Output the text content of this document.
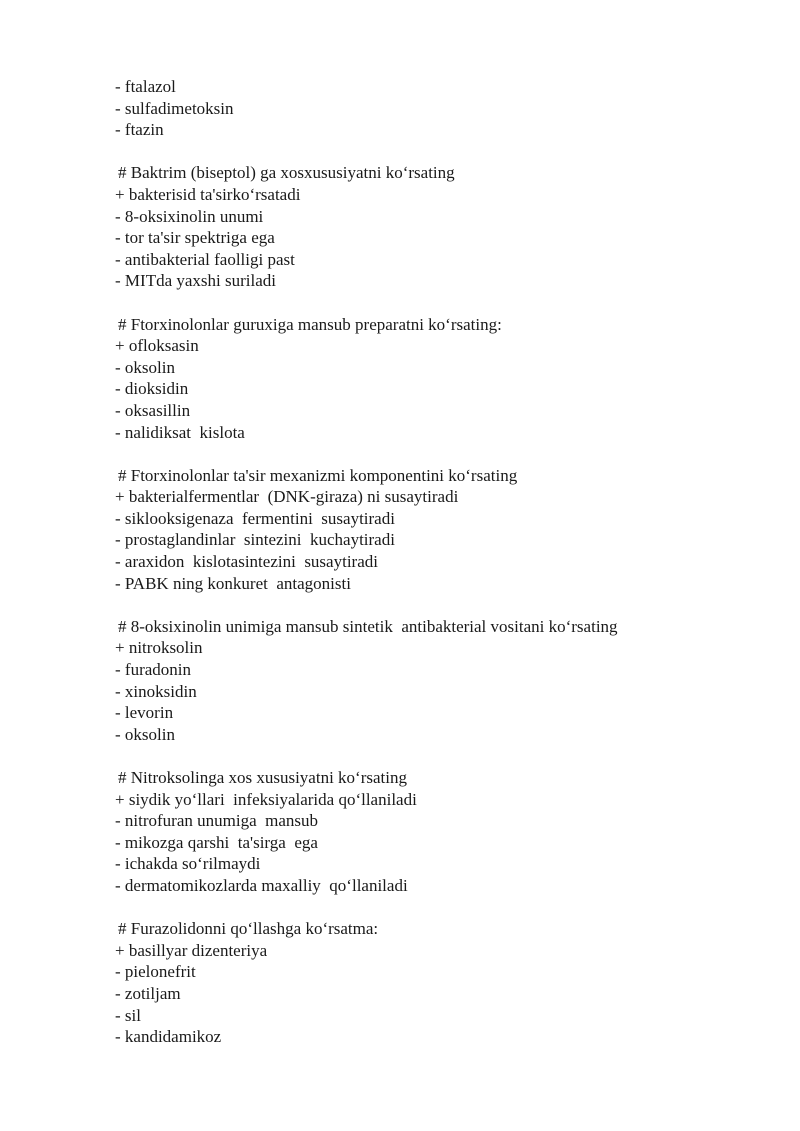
- ftalazol
- sulfadimetoksin
- ftazin
# Baktrim (biseptol) ga xosxususiyatni ko‘rsating
+ bakterisid ta'sirko‘rsatadi
- 8-oksixinolin unumi
- tor ta'sir spektriga ega
- antibakterial faolligi past
- MITda yaxshi suriladi
# Ftorxinolonlar guruxiga mansub preparatni ko‘rsating:
+ ofloksasin
- oksolin
- dioksidin
- oksasillin
- nalidiksat  kislota
# Ftorxinolonlar ta'sir mexanizmi komponentini ko‘rsating
+ bakterialfermentlar  (DNK-giraza) ni susaytiradi
- siklooksigenaza  fermentini  susaytiradi
- prostaglandinlar  sintezini  kuchaytiradi
- araxidon  kislotasintezini  susaytiradi
- PABK ning konkuret  antagonisti
# 8-oksixinolin unimiga mansub sintetik  antibakterial vositani ko‘rsating
+ nitroksolin
- furadonin
- xinoksidin
- levorin
- oksolin
# Nitroksolinga xos xususiyatni ko‘rsating
+ siydik yo‘llari  infeksiyalarida qo‘llaniladi
- nitrofuran unumiga  mansub
- mikozga qarshi  ta'sirga  ega
- ichakda so‘rilmaydi
- dermatomikozlarda maxalliy  qo‘llaniladi
# Furazolidonni qo‘llashga ko‘rsatma:
+ basillyar dizenteriya
- pielonefrit
- zotiljam
- sil
- kandidamikoz
